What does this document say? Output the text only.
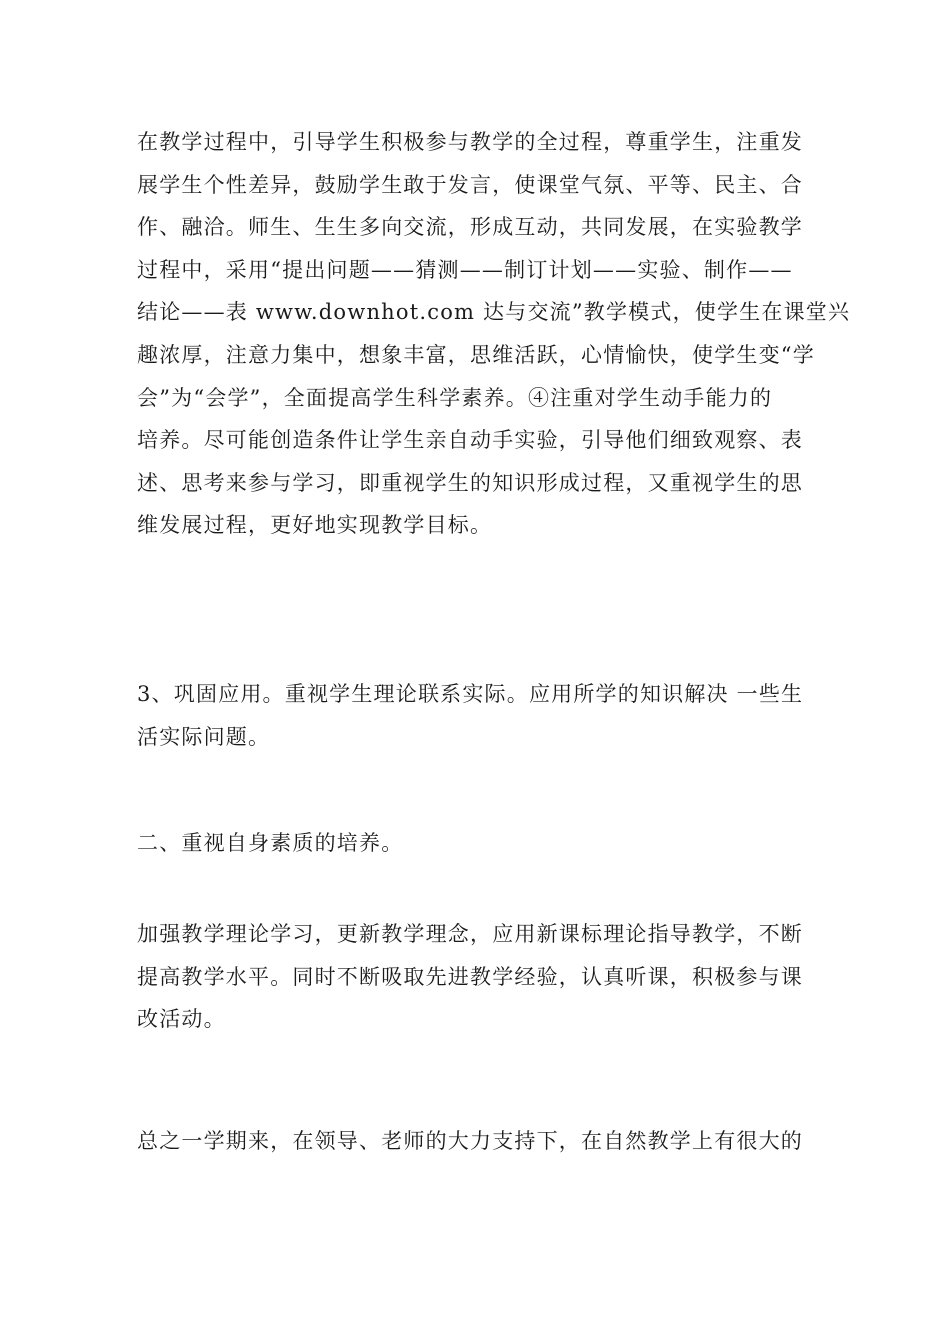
在教学过程中，引导学生积极参与教学的全过程，尊重学生，注重发
展学生个性差异，鼓励学生敢于发言，使课堂气氛、平等、民主、合
作、融洽。师生、生生多向交流，形成互动，共同发展，在实验教学
过程中，采用“提出问题——猜测——制订计划——实验、制作——
结论——表 www.downhot.com 达与交流”教学模式，使学生在课堂兴
趣浓厚，注意力集中，想象丰富，思维活跃，心情愉快，使学生变“学
会”为“会学”，全面提高学生科学素养。④注重对学生动手能力的
培养。尽可能创造条件让学生亲自动手实验，引导他们细致观察、表
述、思考来参与学习，即重视学生的知识形成过程，又重视学生的思
维发展过程，更好地实现教学目标。

3、巩固应用。重视学生理论联系实际。应用所学的知识解决 一些生
活实际问题。

二、重视自身素质的培养。

加强教学理论学习，更新教学理念，应用新课标理论指导教学，不断
提高教学水平。同时不断吸取先进教学经验，认真听课，积极参与课
改活动。

总之一学期来，在领导、老师的大力支持下，在自然教学上有很大的
